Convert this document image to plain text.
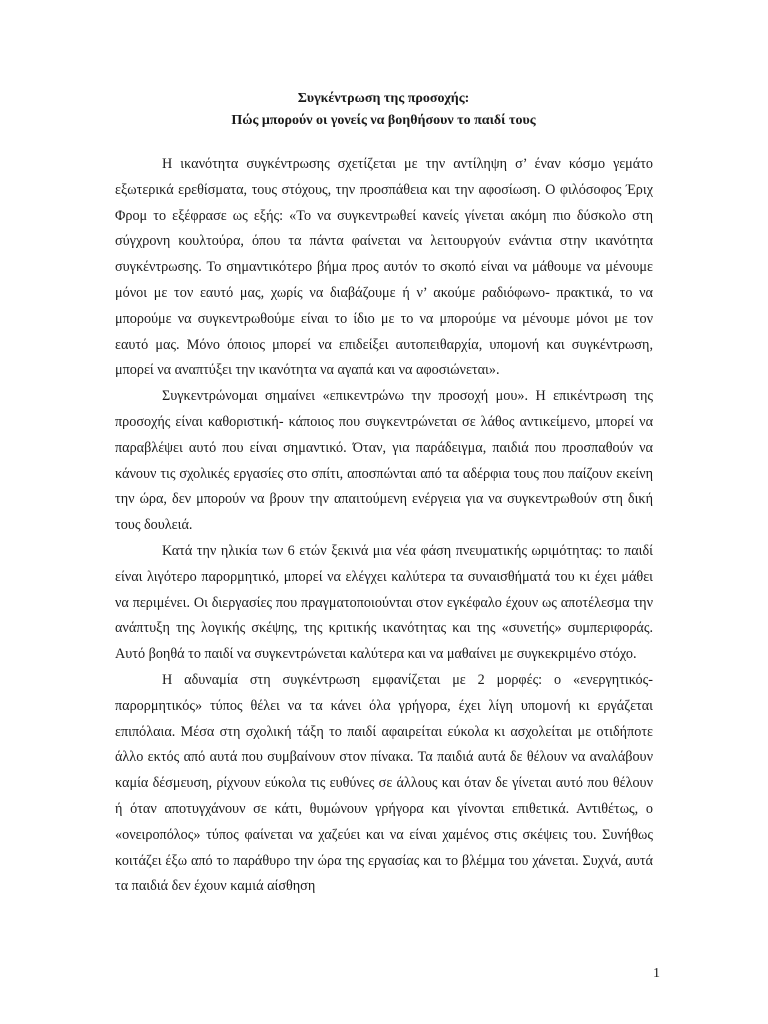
Συγκέντρωση της προσοχής:
Πώς μπορούν οι γονείς να βοηθήσουν το παιδί τους

Η ικανότητα συγκέντρωσης σχετίζεται με την αντίληψη σ’ έναν κόσμο γεμάτο εξωτερικά ερεθίσματα, τους στόχους, την προσπάθεια και την αφοσίωση. Ο φιλόσοφος Έριχ Φρομ το εξέφρασε ως εξής: «Το να συγκεντρωθεί κανείς γίνεται ακόμη πιο δύσκολο στη σύγχρονη κουλτούρα, όπου τα πάντα φαίνεται να λειτουργούν ενάντια στην ικανότητα συγκέντρωσης. Το σημαντικότερο βήμα προς αυτόν το σκοπό είναι να μάθουμε να μένουμε μόνοι με τον εαυτό μας, χωρίς να διαβάζουμε ή ν’ ακούμε ραδιόφωνο- πρακτικά, το να μπορούμε να συγκεντρωθούμε είναι το ίδιο με το να μπορούμε να μένουμε μόνοι με τον εαυτό μας. Μόνο όποιος μπορεί να επιδείξει αυτοπειθαρχία, υπομονή και συγκέντρωση, μπορεί να αναπτύξει την ικανότητα να αγαπά και να αφοσιώνεται».

Συγκεντρώνομαι σημαίνει «επικεντρώνω την προσοχή μου». Η επικέντρωση της προσοχής είναι καθοριστική- κάποιος που συγκεντρώνεται σε λάθος αντικείμενο, μπορεί να παραβλέψει αυτό που είναι σημαντικό. Όταν, για παράδειγμα, παιδιά που προσπαθούν να κάνουν τις σχολικές εργασίες στο σπίτι, αποσπώνται από τα αδέρφια τους που παίζουν εκείνη την ώρα, δεν μπορούν να βρουν την απαιτούμενη ενέργεια για να συγκεντρωθούν στη δική τους δουλειά.

Κατά την ηλικία των 6 ετών ξεκινά μια νέα φάση πνευματικής ωριμότητας: το παιδί είναι λιγότερο παρορμητικό, μπορεί να ελέγχει καλύτερα τα συναισθήματά του κι έχει μάθει να περιμένει. Οι διεργασίες που πραγματοποιούνται στον εγκέφαλο έχουν ως αποτέλεσμα την ανάπτυξη της λογικής σκέψης, της κριτικής ικανότητας και της «συνετής» συμπεριφοράς. Αυτό βοηθά το παιδί να συγκεντρώνεται καλύτερα και να μαθαίνει με συγκεκριμένο στόχο.

Η αδυναμία στη συγκέντρωση εμφανίζεται με 2 μορφές: ο «ενεργητικός-παρορμητικός» τύπος θέλει να τα κάνει όλα γρήγορα, έχει λίγη υπομονή κι εργάζεται επιπόλαια. Μέσα στη σχολική τάξη το παιδί αφαιρείται εύκολα κι ασχολείται με οτιδήποτε άλλο εκτός από αυτά που συμβαίνουν στον πίνακα. Τα παιδιά αυτά δε θέλουν να αναλάβουν καμία δέσμευση, ρίχνουν εύκολα τις ευθύνες σε άλλους και όταν δε γίνεται αυτό που θέλουν ή όταν αποτυγχάνουν σε κάτι, θυμώνουν γρήγορα και γίνονται επιθετικά. Αντιθέτως, ο «ονειροπόλος» τύπος φαίνεται να χαζεύει και να είναι χαμένος στις σκέψεις του. Συνήθως κοιτάζει έξω από το παράθυρο την ώρα της εργασίας και το βλέμμα του χάνεται. Συχνά, αυτά τα παιδιά δεν έχουν καμιά αίσθηση

1
